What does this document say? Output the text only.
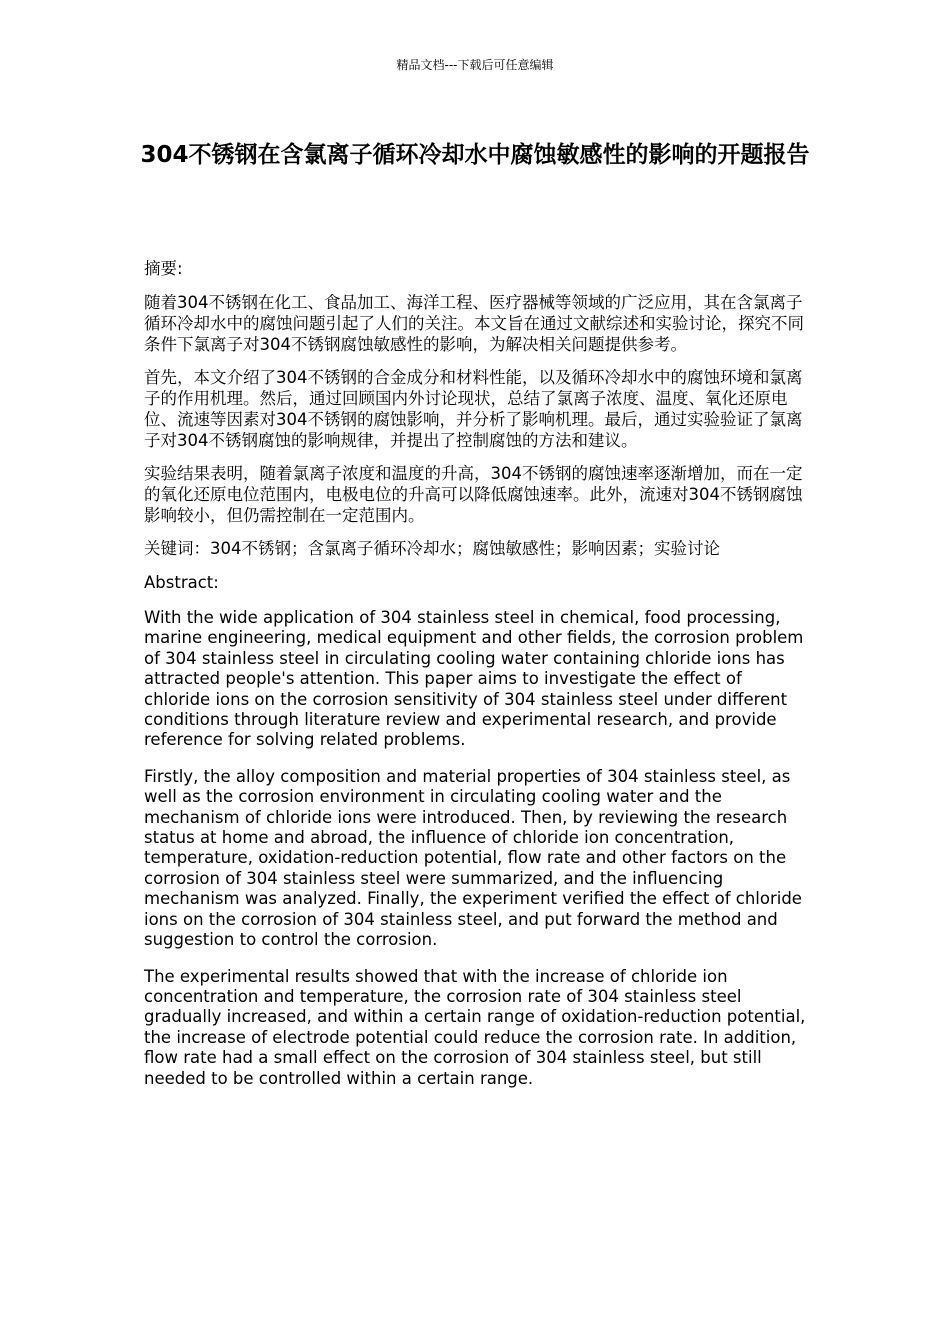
精品文档---下载后可任意编辑
304不锈钢在含氯离子循环冷却水中腐蚀敏感性的影响的开题报告

摘要:

随着304不锈钢在化工、食品加工、海洋工程、医疗器械等领域的广泛应用，其在含氯离子循环冷却水中的腐蚀问题引起了人们的关注。本文旨在通过文献综述和实验讨论，探究不同条件下氯离子对304不锈钢腐蚀敏感性的影响，为解决相关问题提供参考。

首先，本文介绍了304不锈钢的合金成分和材料性能，以及循环冷却水中的腐蚀环境和氯离子的作用机理。然后，通过回顾国内外讨论现状，总结了氯离子浓度、温度、氧化还原电位、流速等因素对304不锈钢的腐蚀影响，并分析了影响机理。最后，通过实验验证了氯离子对304不锈钢腐蚀的影响规律，并提出了控制腐蚀的方法和建议。

实验结果表明，随着氯离子浓度和温度的升高，304不锈钢的腐蚀速率逐渐增加，而在一定的氧化还原电位范围内，电极电位的升高可以降低腐蚀速率。此外，流速对304不锈钢腐蚀影响较小，但仍需控制在一定范围内。

关键词：304不锈钢；含氯离子循环冷却水；腐蚀敏感性；影响因素；实验讨论

Abstract:

With the wide application of 304 stainless steel in chemical, food processing, marine engineering, medical equipment and other fields, the corrosion problem of 304 stainless steel in circulating cooling water containing chloride ions has attracted people's attention. This paper aims to investigate the effect of chloride ions on the corrosion sensitivity of 304 stainless steel under different conditions through literature review and experimental research, and provide reference for solving related problems.

Firstly, the alloy composition and material properties of 304 stainless steel, as well as the corrosion environment in circulating cooling water and the mechanism of chloride ions were introduced. Then, by reviewing the research status at home and abroad, the influence of chloride ion concentration, temperature, oxidation-reduction potential, flow rate and other factors on the corrosion of 304 stainless steel were summarized, and the influencing mechanism was analyzed. Finally, the experiment verified the effect of chloride ions on the corrosion of 304 stainless steel, and put forward the method and suggestion to control the corrosion.

The experimental results showed that with the increase of chloride ion concentration and temperature, the corrosion rate of 304 stainless steel gradually increased, and within a certain range of oxidation-reduction potential, the increase of electrode potential could reduce the corrosion rate. In addition, flow rate had a small effect on the corrosion of 304 stainless steel, but still needed to be controlled within a certain range.
